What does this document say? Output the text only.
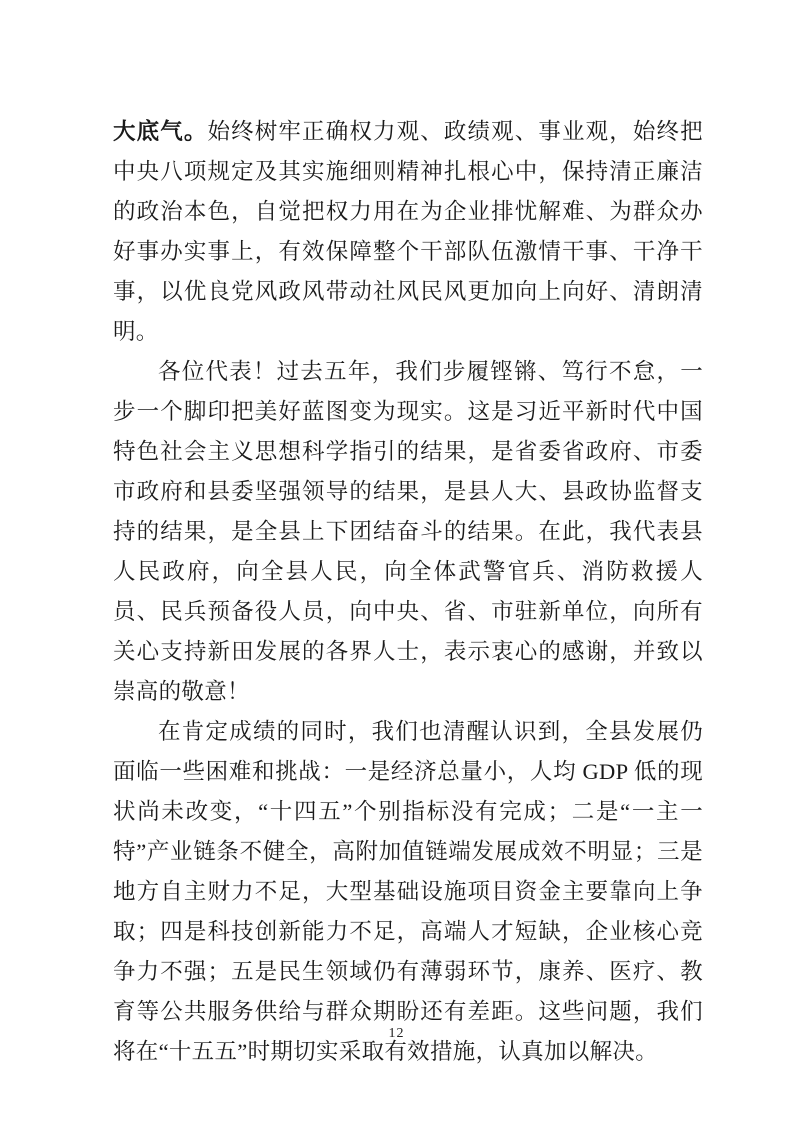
大底气。始终树牢正确权力观、政绩观、事业观，始终把中央八项规定及其实施细则精神扎根心中，保持清正廉洁的政治本色，自觉把权力用在为企业排忧解难、为群众办好事办实事上，有效保障整个干部队伍激情干事、干净干事，以优良党风政风带动社风民风更加向上向好、清朗清明。

各位代表！过去五年，我们步履铿锵、笃行不怠，一步一个脚印把美好蓝图变为现实。这是习近平新时代中国特色社会主义思想科学指引的结果，是省委省政府、市委市政府和县委坚强领导的结果，是县人大、县政协监督支持的结果，是全县上下团结奋斗的结果。在此，我代表县人民政府，向全县人民，向全体武警官兵、消防救援人员、民兵预备役人员，向中央、省、市驻新单位，向所有关心支持新田发展的各界人士，表示衷心的感谢，并致以崇高的敬意！

在肯定成绩的同时，我们也清醒认识到，全县发展仍面临一些困难和挑战：一是经济总量小，人均 GDP 低的现状尚未改变，“十四五”个别指标没有完成；二是“一主一特”产业链条不健全，高附加值链端发展成效不明显；三是地方自主财力不足，大型基础设施项目资金主要靠向上争取；四是科技创新能力不足，高端人才短缺，企业核心竞争力不强；五是民生领域仍有薄弱环节，康养、医疗、教育等公共服务供给与群众期盼还有差距。这些问题，我们将在“十五五”时期切实采取有效措施，认真加以解决。

12
